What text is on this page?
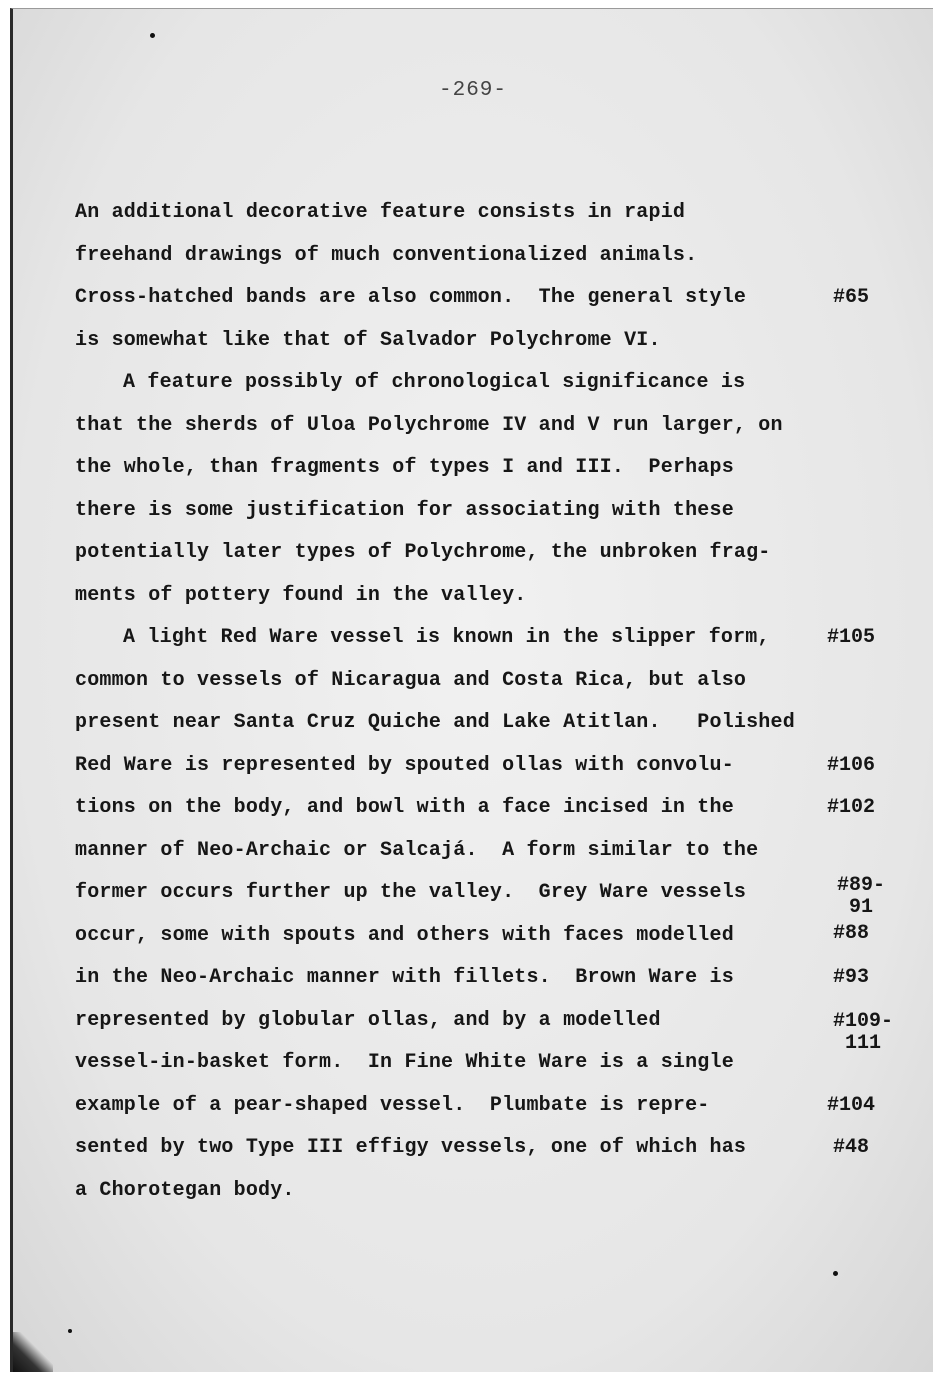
-269-
An additional decorative feature consists in rapid
freehand drawings of much conventionalized animals.
Cross-hatched bands are also common.  The general style
is somewhat like that of Salvador Polychrome VI.
A feature possibly of chronological significance is
that the sherds of Uloa Polychrome IV and V run larger, on
the whole, than fragments of types I and III.  Perhaps
there is some justification for associating with these
potentially later types of Polychrome, the unbroken frag-
ments of pottery found in the valley.
A light Red Ware vessel is known in the slipper form,
common to vessels of Nicaragua and Costa Rica, but also
present near Santa Cruz Quiche and Lake Atitlan.   Polished
Red Ware is represented by spouted ollas with convolu-
tions on the body, and bowl with a face incised in the
manner of Neo-Archaic or Salcajá.  A form similar to the
former occurs further up the valley.  Grey Ware vessels
occur, some with spouts and others with faces modelled
in the Neo-Archaic manner with fillets.  Brown Ware is
represented by globular ollas, and by a modelled
vessel-in-basket form.  In Fine White Ware is a single
example of a pear-shaped vessel.  Plumbate is repre-
sented by two Type III effigy vessels, one of which has
a Chorotegan body.
#65
#105
#106
#102
#89-
91
#88
#93
#109-
111
#104
#48
